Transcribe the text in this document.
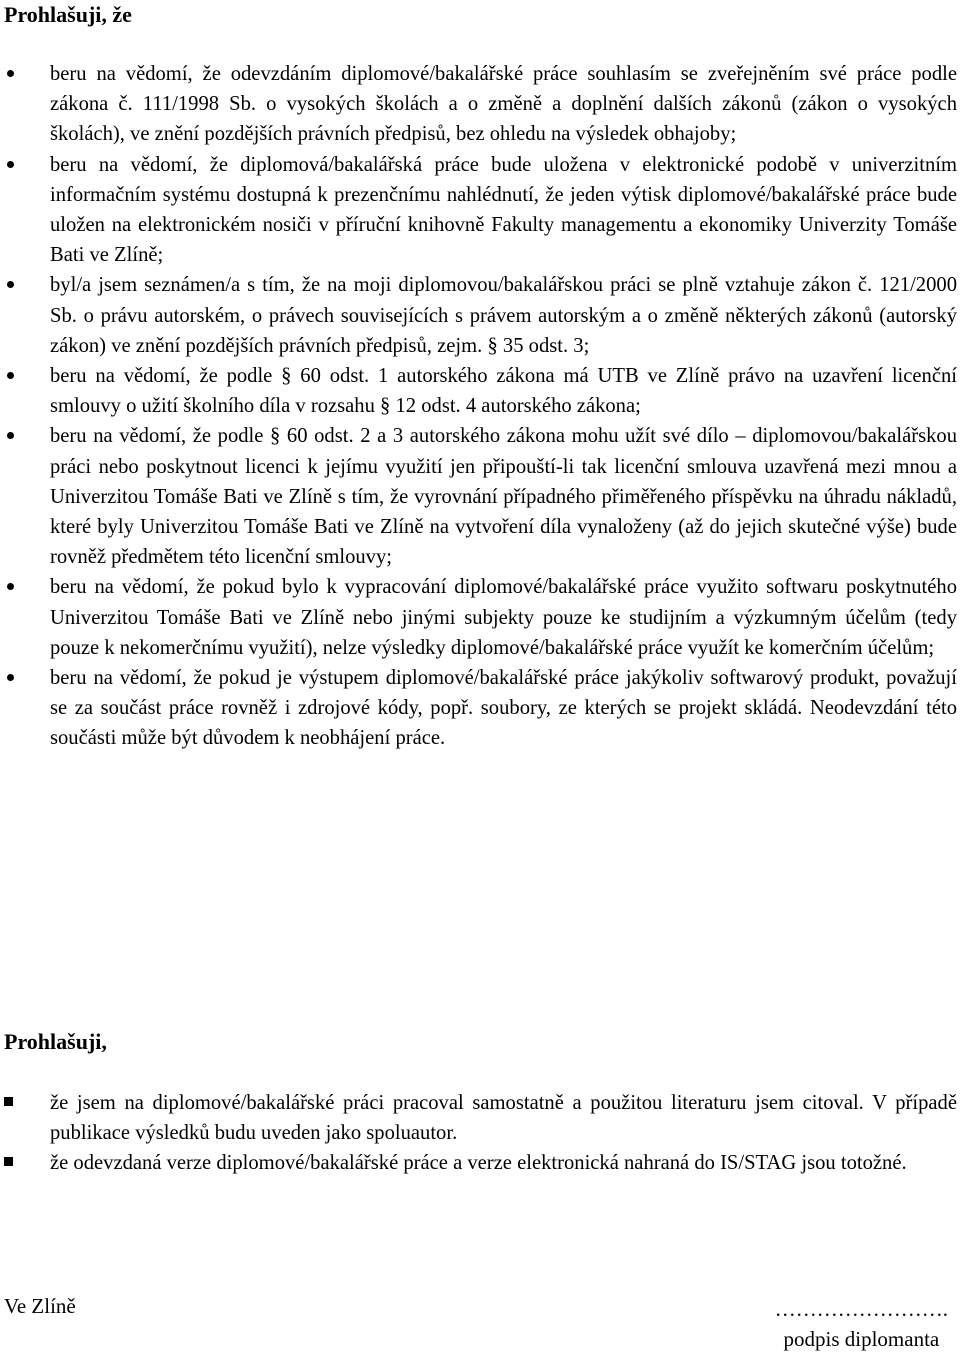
Prohlašuji, že
beru na vědomí, že odevzdáním diplomové/bakalářské práce souhlasím se zveřejněním své práce podle zákona č. 111/1998 Sb. o vysokých školách a o změně a doplnění dalších zákonů (zákon o vysokých školách), ve znění pozdějších právních předpisů, bez ohledu na výsledek obhajoby;
beru na vědomí, že diplomová/bakalářská práce bude uložena v elektronické podobě v univerzitním informačním systému dostupná k prezenčnímu nahlédnutí, že jeden výtisk diplomové/bakalářské práce bude uložen na elektronickém nosiči v příruční knihovně Fakulty managementu a ekonomiky Univerzity Tomáše Bati ve Zlíně;
byl/a jsem seznámen/a s tím, že na moji diplomovou/bakalářskou práci se plně vztahuje zákon č. 121/2000 Sb. o právu autorském, o právech souvisejících s právem autorským a o změně některých zákonů (autorský zákon) ve znění pozdějších právních předpisů, zejm. § 35 odst. 3;
beru na vědomí, že podle § 60 odst. 1 autorského zákona má UTB ve Zlíně právo na uzavření licenční smlouvy o užití školního díla v rozsahu § 12 odst. 4 autorského zákona;
beru na vědomí, že podle § 60 odst. 2 a 3 autorského zákona mohu užít své dílo – diplomovou/bakalářskou práci nebo poskytnout licenci k jejímu využití jen připouští-li tak licenční smlouva uzavřená mezi mnou a Univerzitou Tomáše Bati ve Zlíně s tím, že vyrovnání případného přiměřeného příspěvku na úhradu nákladů, které byly Univerzitou Tomáše Bati ve Zlíně na vytvoření díla vynaloženy (až do jejich skutečné výše) bude rovněž předmětem této licenční smlouvy;
beru na vědomí, že pokud bylo k vypracování diplomové/bakalářské práce využito softwaru poskytnutého Univerzitou Tomáše Bati ve Zlíně nebo jinými subjekty pouze ke studijním a výzkumným účelům (tedy pouze k nekomerčnímu využití), nelze výsledky diplomové/bakalářské práce využít ke komerčním účelům;
beru na vědomí, že pokud je výstupem diplomové/bakalářské práce jakýkoliv softwarový produkt, považují se za součást práce rovněž i zdrojové kódy, popř. soubory, ze kterých se projekt skládá. Neodevzdání této součásti může být důvodem k neobhájení práce.
Prohlašuji,
že jsem na diplomové/bakalářské práci pracoval samostatně a použitou literaturu jsem citoval. V případě publikace výsledků budu uveden jako spoluautor.
že odevzdaná verze diplomové/bakalářské práce a verze elektronická nahraná do IS/STAG jsou totožné.
Ve Zlíně	…………………….
podpis diplomanta
